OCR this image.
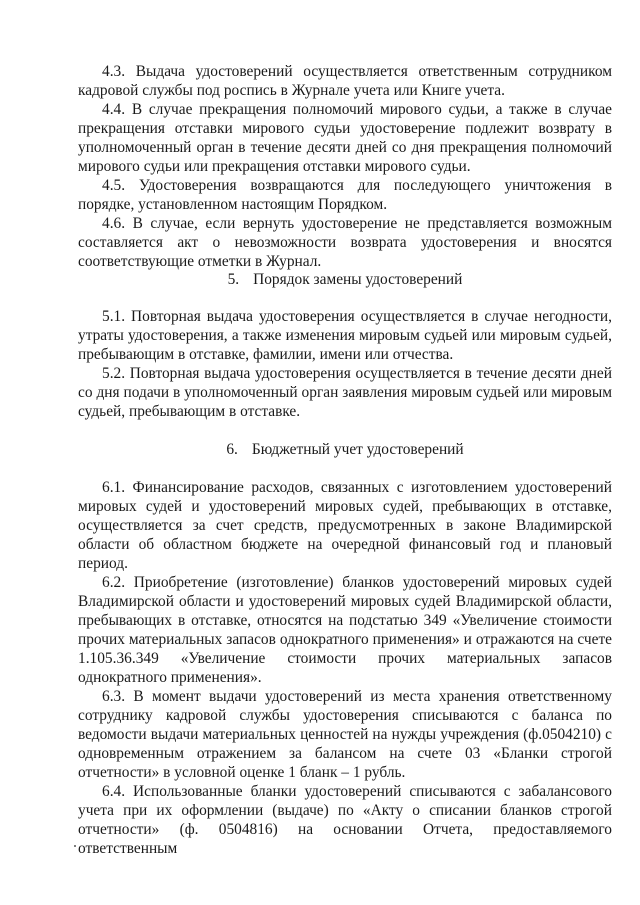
4.3. Выдача удостоверений осуществляется ответственным сотрудником кадровой службы под роспись в Журнале учета или Книге учета.

4.4. В случае прекращения полномочий мирового судьи, а также в случае прекращения отставки мирового судьи удостоверение подлежит возврату в уполномоченный орган в течение десяти дней со дня прекращения полномочий мирового судьи или прекращения отставки мирового судьи.

4.5. Удостоверения возвращаются для последующего уничтожения в порядке, установленном настоящим Порядком.

4.6. В случае, если вернуть удостоверение не представляется возможным составляется акт о невозможности возврата удостоверения и вносятся соответствующие отметки в Журнал.

5. Порядок замены удостоверений

5.1. Повторная выдача удостоверения осуществляется в случае негодности, утраты удостоверения, а также изменения мировым судьей или мировым судьей, пребывающим в отставке, фамилии, имени или отчества.

5.2. Повторная выдача удостоверения осуществляется в течение десяти дней со дня подачи в уполномоченный орган заявления мировым судьей или мировым судьей, пребывающим в отставке.

6. Бюджетный учет удостоверений

6.1. Финансирование расходов, связанных с изготовлением удостоверений мировых судей и удостоверений мировых судей, пребывающих в отставке, осуществляется за счет средств, предусмотренных в законе Владимирской области об областном бюджете на очередной финансовый год и плановый период.

6.2. Приобретение (изготовление) бланков удостоверений мировых судей Владимирской области и удостоверений мировых судей Владимирской области, пребывающих в отставке, относятся на подстатью 349 «Увеличение стоимости прочих материальных запасов однократного применения» и отражаются на счете 1.105.36.349 «Увеличение стоимости прочих материальных запасов однократного применения».

6.3. В момент выдачи удостоверений из места хранения ответственному сотруднику кадровой службы удостоверения списываются с баланса по ведомости выдачи материальных ценностей на нужды учреждения (ф.0504210) с одновременным отражением за балансом на счете 03 «Бланки строгой отчетности» в условной оценке 1 бланк – 1 рубль.

6.4. Использованные бланки удостоверений списываются с забалансового учета при их оформлении (выдаче) по «Акту о списании бланков строгой отчетности» (ф. 0504816) на основании Отчета, предоставляемого ответственным
